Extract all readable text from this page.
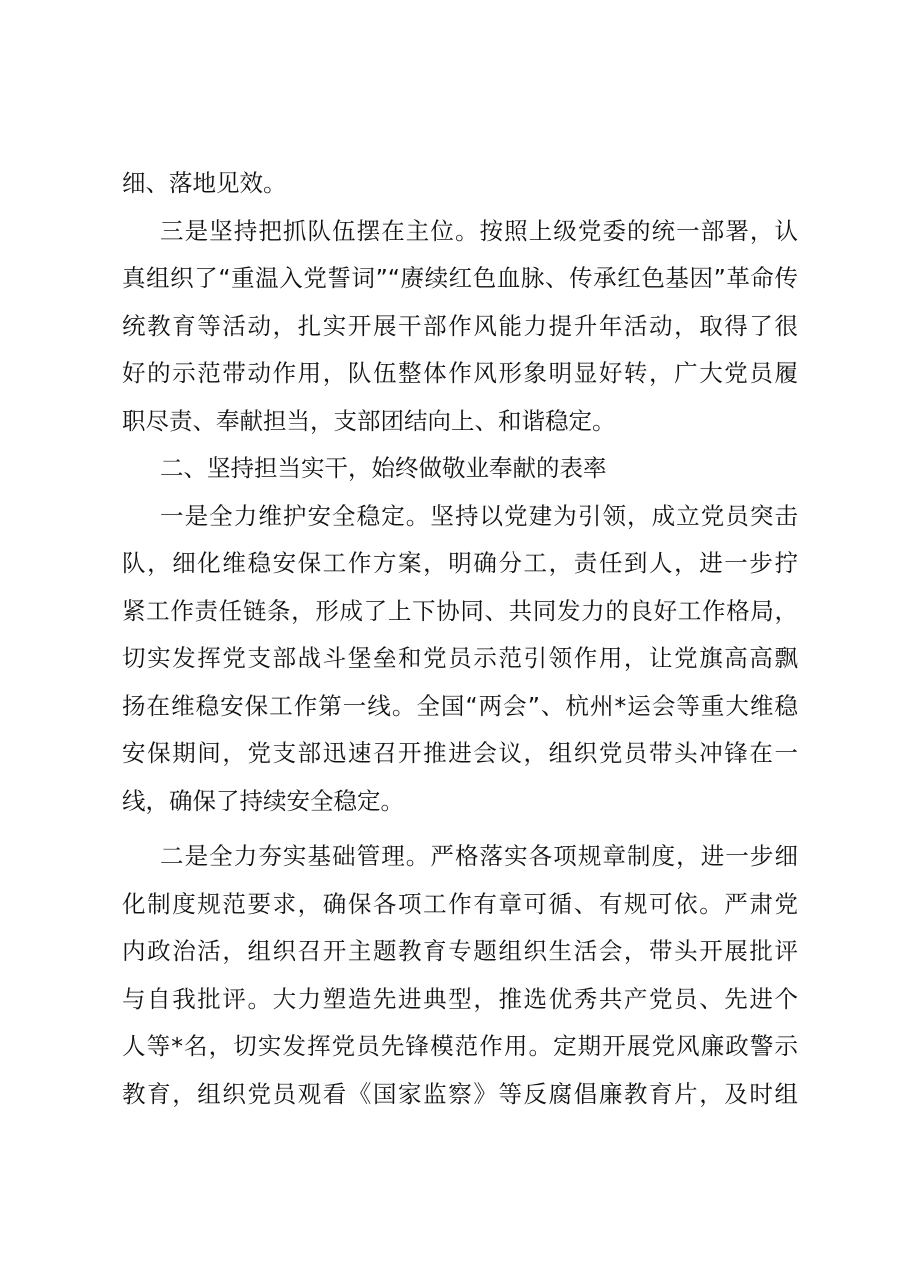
细、落地见效。
三是坚持把抓队伍摆在主位。按照上级党委的统一部署，认
真组织了“重温入党誓词”“赓续红色血脉、传承红色基因”革命传
统教育等活动，扎实开展干部作风能力提升年活动，取得了很
好的示范带动作用，队伍整体作风形象明显好转，广大党员履
职尽责、奉献担当，支部团结向上、和谐稳定。
二、坚持担当实干，始终做敬业奉献的表率
一是全力维护安全稳定。坚持以党建为引领，成立党员突击
队，细化维稳安保工作方案，明确分工，责任到人，进一步拧
紧工作责任链条，形成了上下协同、共同发力的良好工作格局，
切实发挥党支部战斗堡垒和党员示范引领作用，让党旗高高飘
扬在维稳安保工作第一线。全国“两会”、杭州*运会等重大维稳
安保期间，党支部迅速召开推进会议，组织党员带头冲锋在一
线，确保了持续安全稳定。
二是全力夯实基础管理。严格落实各项规章制度，进一步细
化制度规范要求，确保各项工作有章可循、有规可依。严肃党
内政治活，组织召开主题教育专题组织生活会，带头开展批评
与自我批评。大力塑造先进典型，推选优秀共产党员、先进个
人等*名，切实发挥党员先锋模范作用。定期开展党风廉政警示
教育，组织党员观看《国家监察》等反腐倡廉教育片，及时组
